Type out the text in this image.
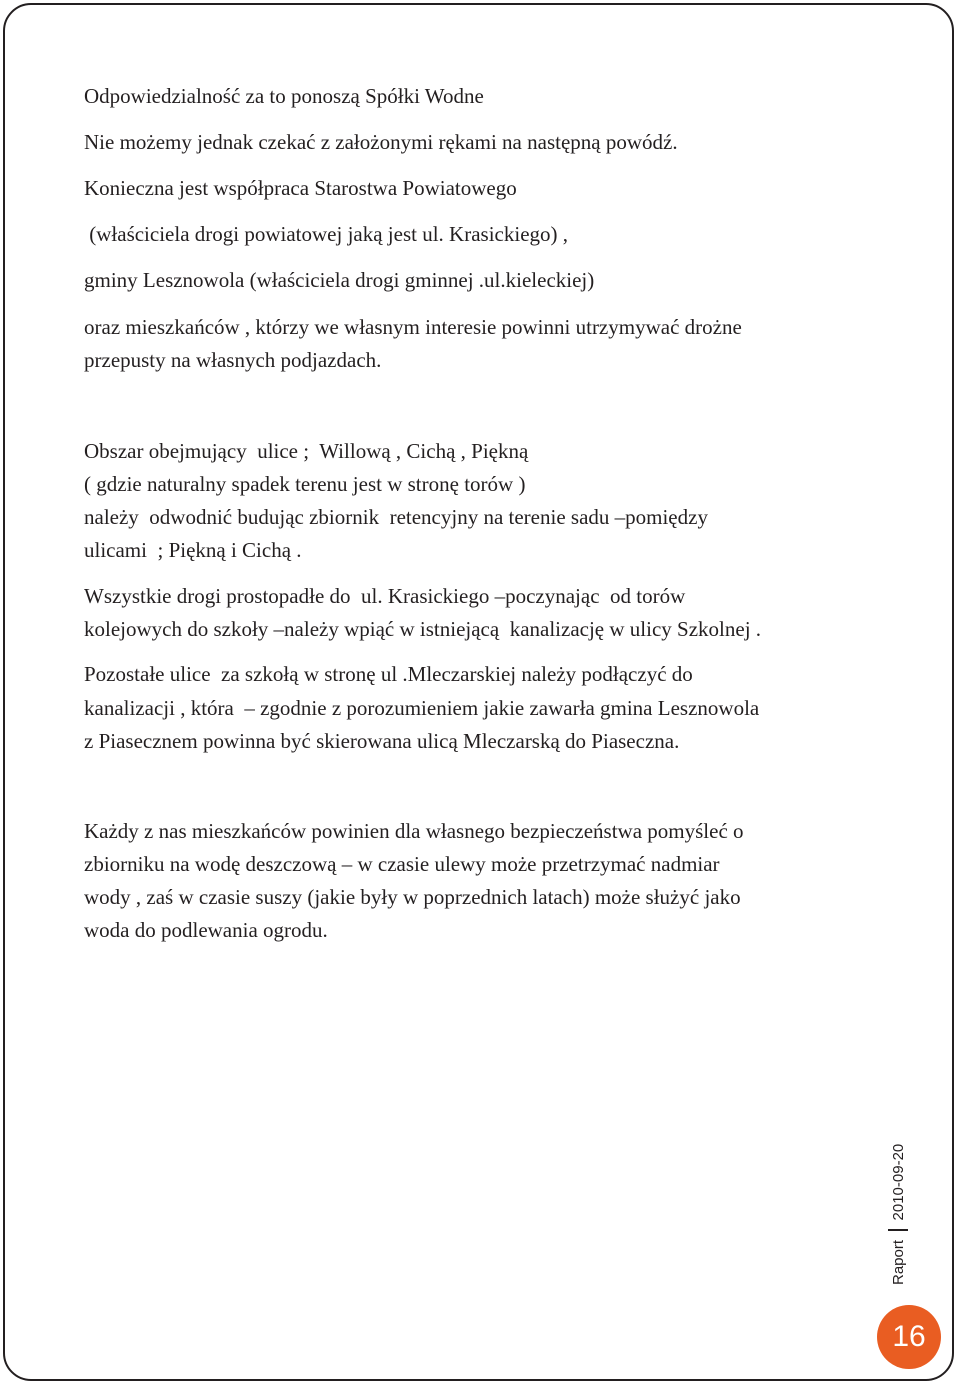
Odpowiedzialność za to ponoszą Spółki Wodne

Nie możemy jednak czekać z założonymi rękami na następną powódź.

Konieczna jest współpraca Starostwa Powiatowego

(właściciela drogi powiatowej jaką jest ul. Krasickiego) ,

gminy Lesznowola (właściciela drogi gminnej .ul.kieleckiej)

oraz mieszkańców , którzy we własnym interesie powinni utrzymywać drożne

przepusty na własnych podjazdach.

Obszar obejmujący  ulice ;  Willową , Cichą , Piękną

( gdzie naturalny spadek terenu jest w stronę torów )

należy  odwodnić budując zbiornik  retencyjny na terenie sadu –pomiędzy

ulicami  ; Piękną i Cichą .

Wszystkie drogi prostopadłe do  ul. Krasickiego –poczynając  od torów

kolejowych do szkoły –należy wpiąć w istniejącą  kanalizację w ulicy Szkolnej .

Pozostałe ulice  za szkołą w stronę ul .Mleczarskiej należy podłączyć do

kanalizacji , która  – zgodnie z porozumieniem jakie zawarła gmina Lesznowola

z Piasecznem powinna być skierowana ulicą Mleczarską do Piaseczna.

Każdy z nas mieszkańców powinien dla własnego bezpieczeństwa pomyśleć o

zbiorniku na wodę deszczową – w czasie ulewy może przetrzymać nadmiar

wody , zaś w czasie suszy (jakie były w poprzednich latach) może służyć jako

woda do podlewania ogrodu.

Raport
2010-09-20
16
